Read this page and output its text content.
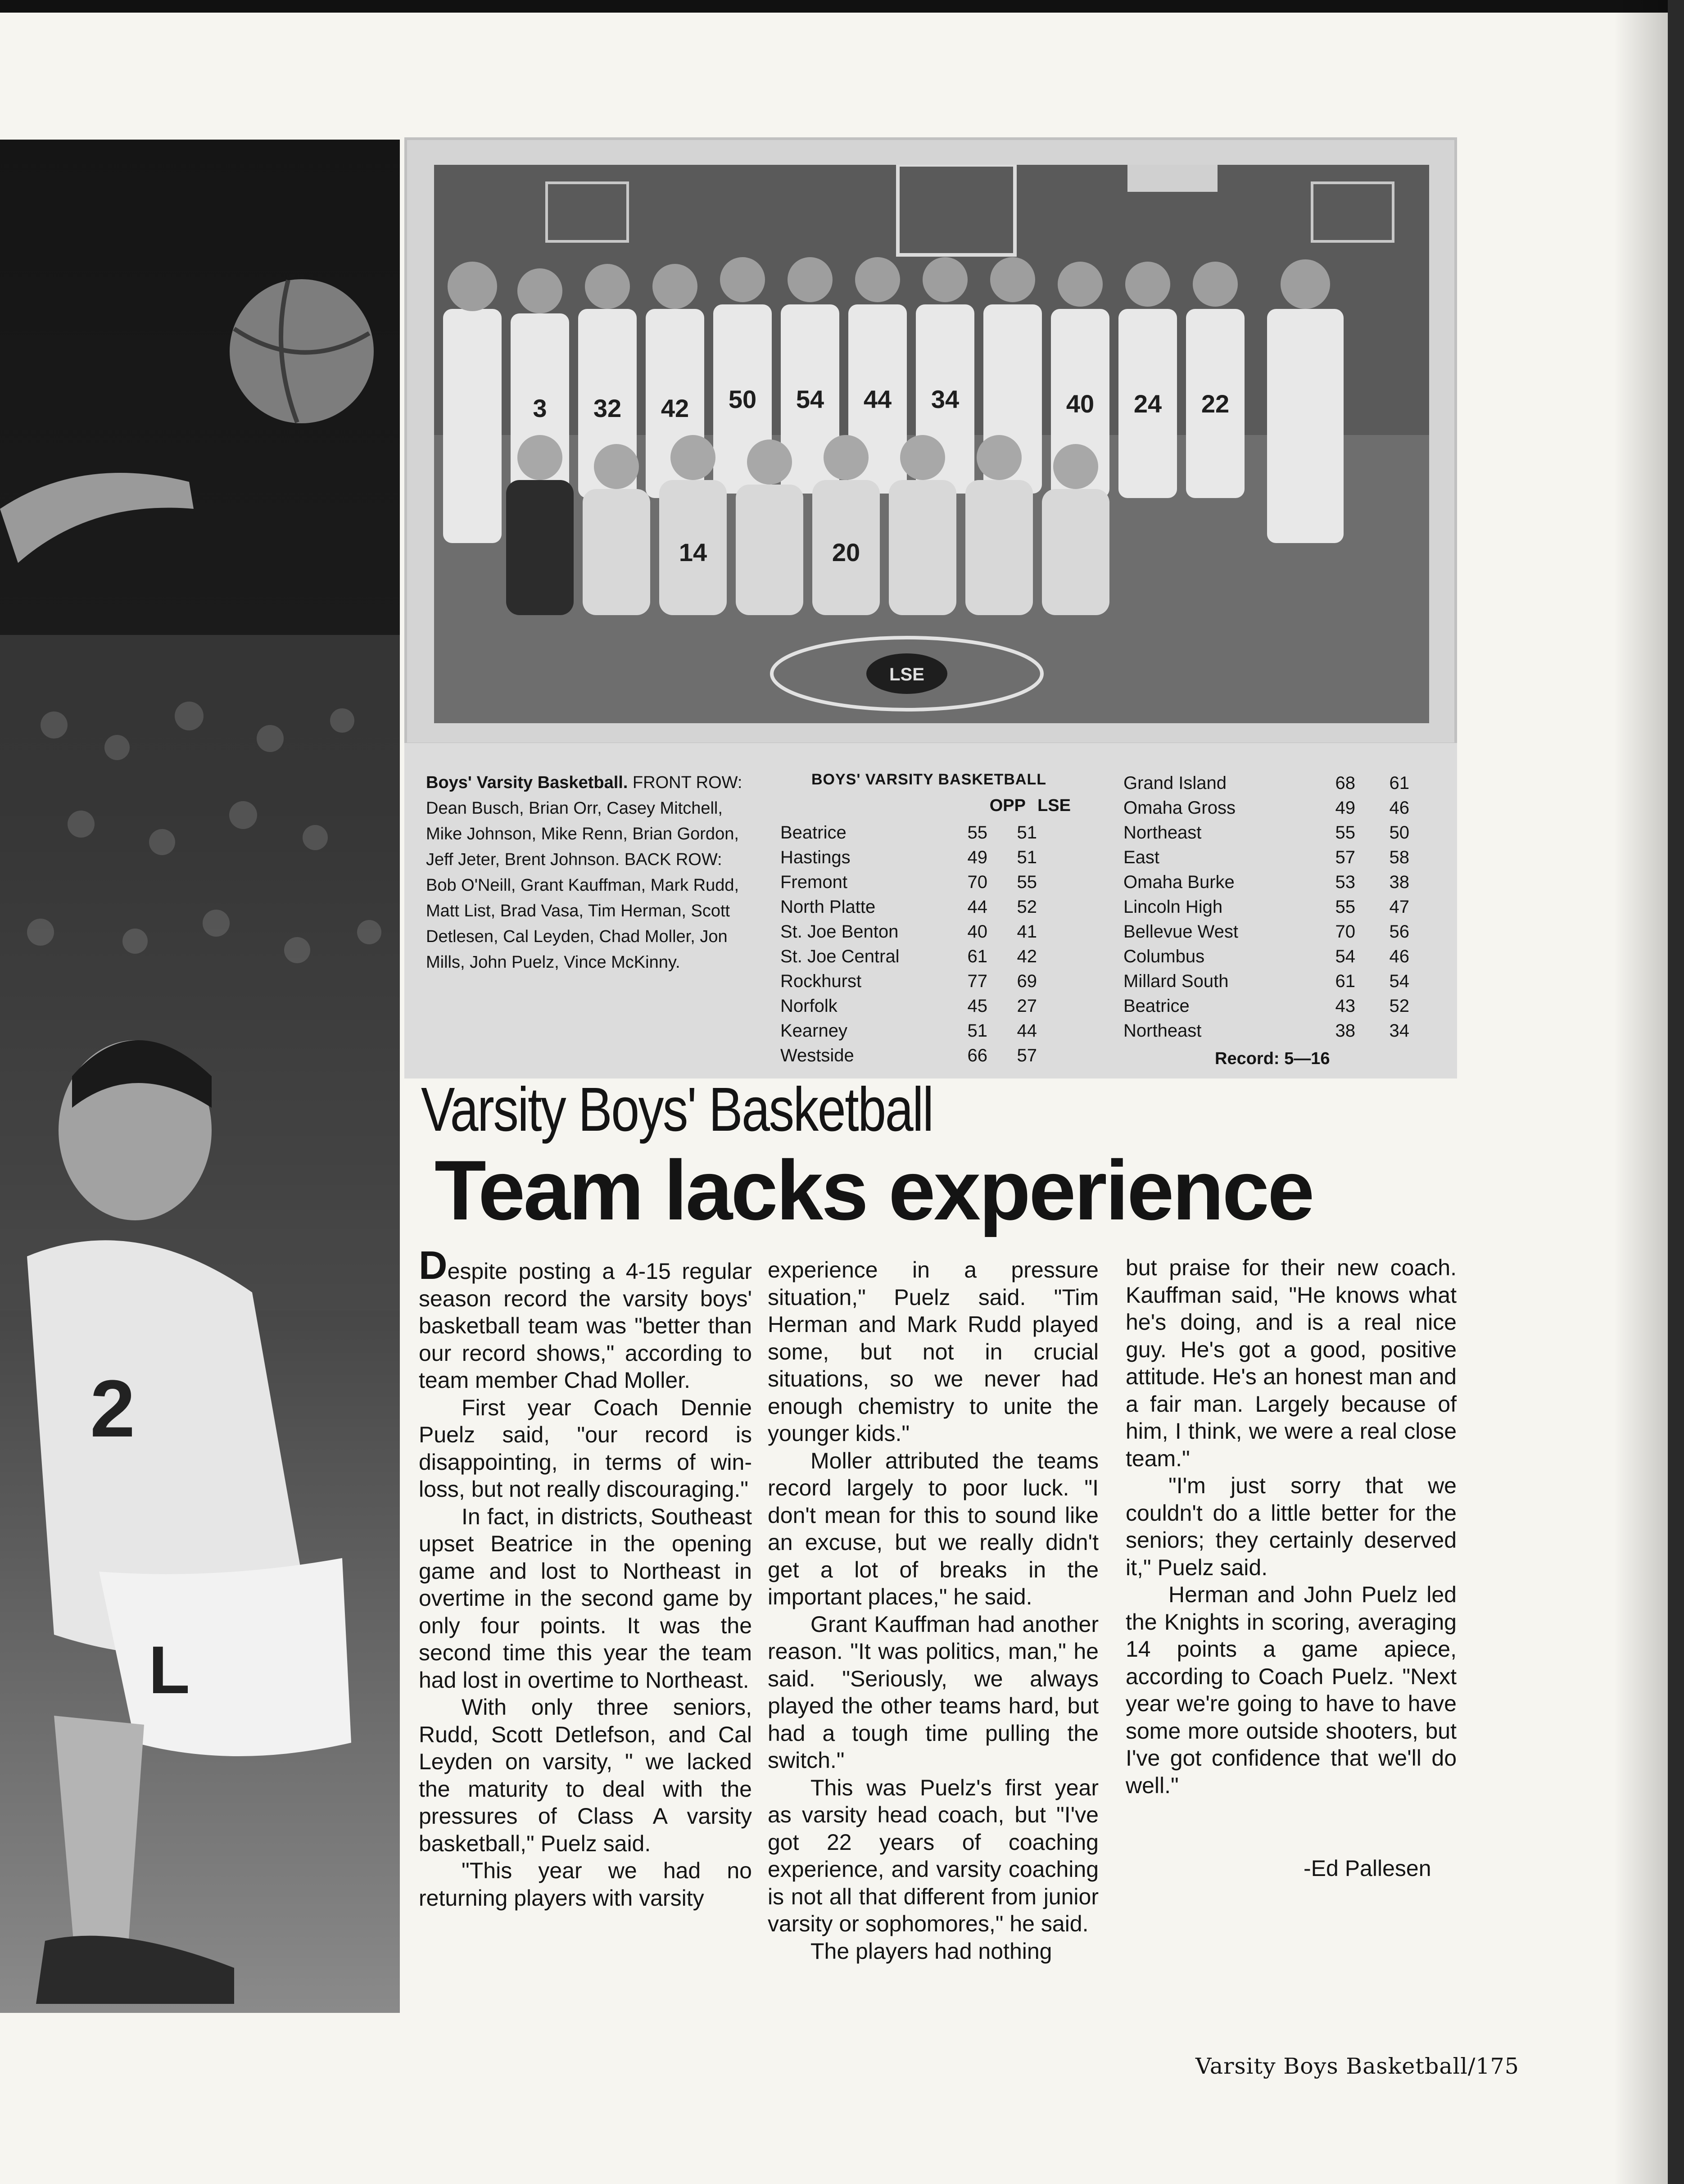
2
L
3 32 42 50 54 44 34	40 24 22
14	20
LSE
Boys' Varsity Basketball. FRONT ROW: Dean Busch, Brian Orr, Casey Mitchell, Mike Johnson, Mike Renn, Brian Gordon, Jeff Jeter, Brent Johnson. BACK ROW: Bob O'Neill, Grant Kauffman, Mark Rudd, Matt List, Brad Vasa, Tim Herman, Scott Detlesen, Cal Leyden, Chad Moller, Jon Mills, John Puelz, Vince McKinny.
BOYS' VARSITY BASKETBALL
OPP LSE
Beatrice	55	51
Hastings	49	51
Fremont	70	55
North Platte	44	52
St. Joe Benton	40	41
St. Joe Central	61	42
Rockhurst	77	69
Norfolk	45	27
Kearney	51	44
Westside	66	57
Grand Island	68	61
Omaha Gross	49	46
Northeast	55	50
East	57	58
Omaha Burke	53	38
Lincoln High	55	47
Bellevue West	70	56
Columbus	54	46
Millard South	61	54
Beatrice	43	52
Northeast	38	34
Record: 5—16
Varsity Boys' Basketball
Team lacks experience

Despite posting a 4-15 regular season record the varsity boys' basketball team was "better than our record shows," according to team member Chad Moller.

First year Coach Dennie Puelz said, "our record is disappointing, in terms of win-loss, but not really discouraging."

In fact, in districts, Southeast upset Beatrice in the opening game and lost to Northeast in overtime in the second game by only four points. It was the second time this year the team had lost in overtime to Northeast.

With only three seniors, Rudd, Scott Detlefson, and Cal Leyden on varsity, " we lacked the maturity to deal with the pressures of Class A varsity basketball," Puelz said.

"This year we had no returning players with varsity

experience in a pressure situation," Puelz said. "Tim Herman and Mark Rudd played some, but not in crucial situations, so we never had enough chemistry to unite the younger kids."

Moller attributed the teams record largely to poor luck. "I don't mean for this to sound like an excuse, but we really didn't get a lot of breaks in the important places," he said.

Grant Kauffman had another reason. "It was politics, man," he said. "Seriously, we always played the other teams hard, but had a tough time pulling the switch."

This was Puelz's first year as varsity head coach, but "I've got 22 years of coaching experience, and varsity coaching is not all that different from junior varsity or sophomores," he said.

The players had nothing

but praise for their new coach. Kauffman said, "He knows what he's doing, and is a real nice guy. He's got a good, positive attitude. He's an honest man and a fair man. Largely because of him, I think, we were a real close team."

"I'm just sorry that we couldn't do a little better for the seniors; they certainly deserved it," Puelz said.

Herman and John Puelz led the Knights in scoring, averaging 14 points a game apiece, according to Coach Puelz. "Next year we're going to have to have some more outside shooters, but I've got confidence that we'll do well."

-Ed Pallesen
Varsity Boys Basketball/175
